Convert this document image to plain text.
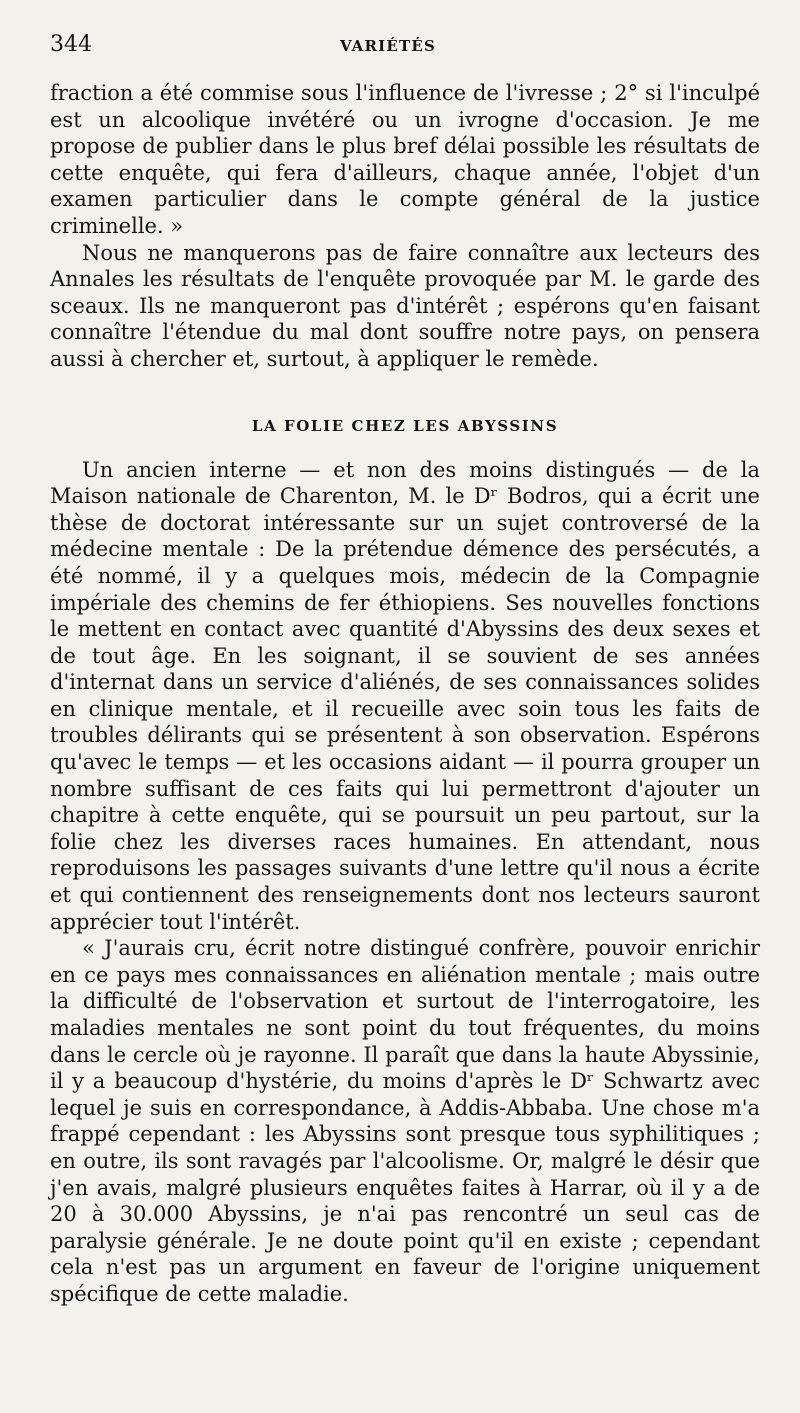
344	VARIÉTÉS

fraction a été commise sous l'influence de l'ivresse ; 2° si l'inculpé est un alcoolique invétéré ou un ivrogne d'occasion. Je me propose de publier dans le plus bref délai possible les résultats de cette enquête, qui fera d'ailleurs, chaque année, l'objet d'un examen particulier dans le compte général de la justice criminelle. »

Nous ne manquerons pas de faire connaître aux lecteurs des Annales les résultats de l'enquête provoquée par M. le garde des sceaux. Ils ne manqueront pas d'intérêt ; espérons qu'en faisant connaître l'étendue du mal dont souffre notre pays, on pensera aussi à chercher et, surtout, à appliquer le remède.

LA FOLIE CHEZ LES ABYSSINS

Un ancien interne — et non des moins distingués — de la Maison nationale de Charenton, M. le Dʳ Bodros, qui a écrit une thèse de doctorat intéressante sur un sujet controversé de la médecine mentale : De la prétendue démence des persécutés, a été nommé, il y a quelques mois, médecin de la Compagnie impériale des chemins de fer éthiopiens. Ses nouvelles fonctions le mettent en contact avec quantité d'Abyssins des deux sexes et de tout âge. En les soignant, il se souvient de ses années d'internat dans un service d'aliénés, de ses connaissances solides en clinique mentale, et il recueille avec soin tous les faits de troubles délirants qui se présentent à son observation. Espérons qu'avec le temps — et les occasions aidant — il pourra grouper un nombre suffisant de ces faits qui lui permettront d'ajouter un chapitre à cette enquête, qui se poursuit un peu partout, sur la folie chez les diverses races humaines. En attendant, nous reproduisons les passages suivants d'une lettre qu'il nous a écrite et qui contiennent des renseignements dont nos lecteurs sauront apprécier tout l'intérêt.

« J'aurais cru, écrit notre distingué confrère, pouvoir enrichir en ce pays mes connaissances en aliénation mentale ; mais outre la difficulté de l'observation et surtout de l'interrogatoire, les maladies mentales ne sont point du tout fréquentes, du moins dans le cercle où je rayonne. Il paraît que dans la haute Abyssinie, il y a beaucoup d'hystérie, du moins d'après le Dʳ Schwartz avec lequel je suis en correspondance, à Addis-Abbaba. Une chose m'a frappé cependant : les Abyssins sont presque tous syphilitiques ; en outre, ils sont ravagés par l'alcoolisme. Or, malgré le désir que j'en avais, malgré plusieurs enquêtes faites à Harrar, où il y a de 20 à 30.000 Abyssins, je n'ai pas rencontré un seul cas de paralysie générale. Je ne doute point qu'il en existe ; cependant cela n'est pas un argument en faveur de l'origine uniquement spécifique de cette maladie.
